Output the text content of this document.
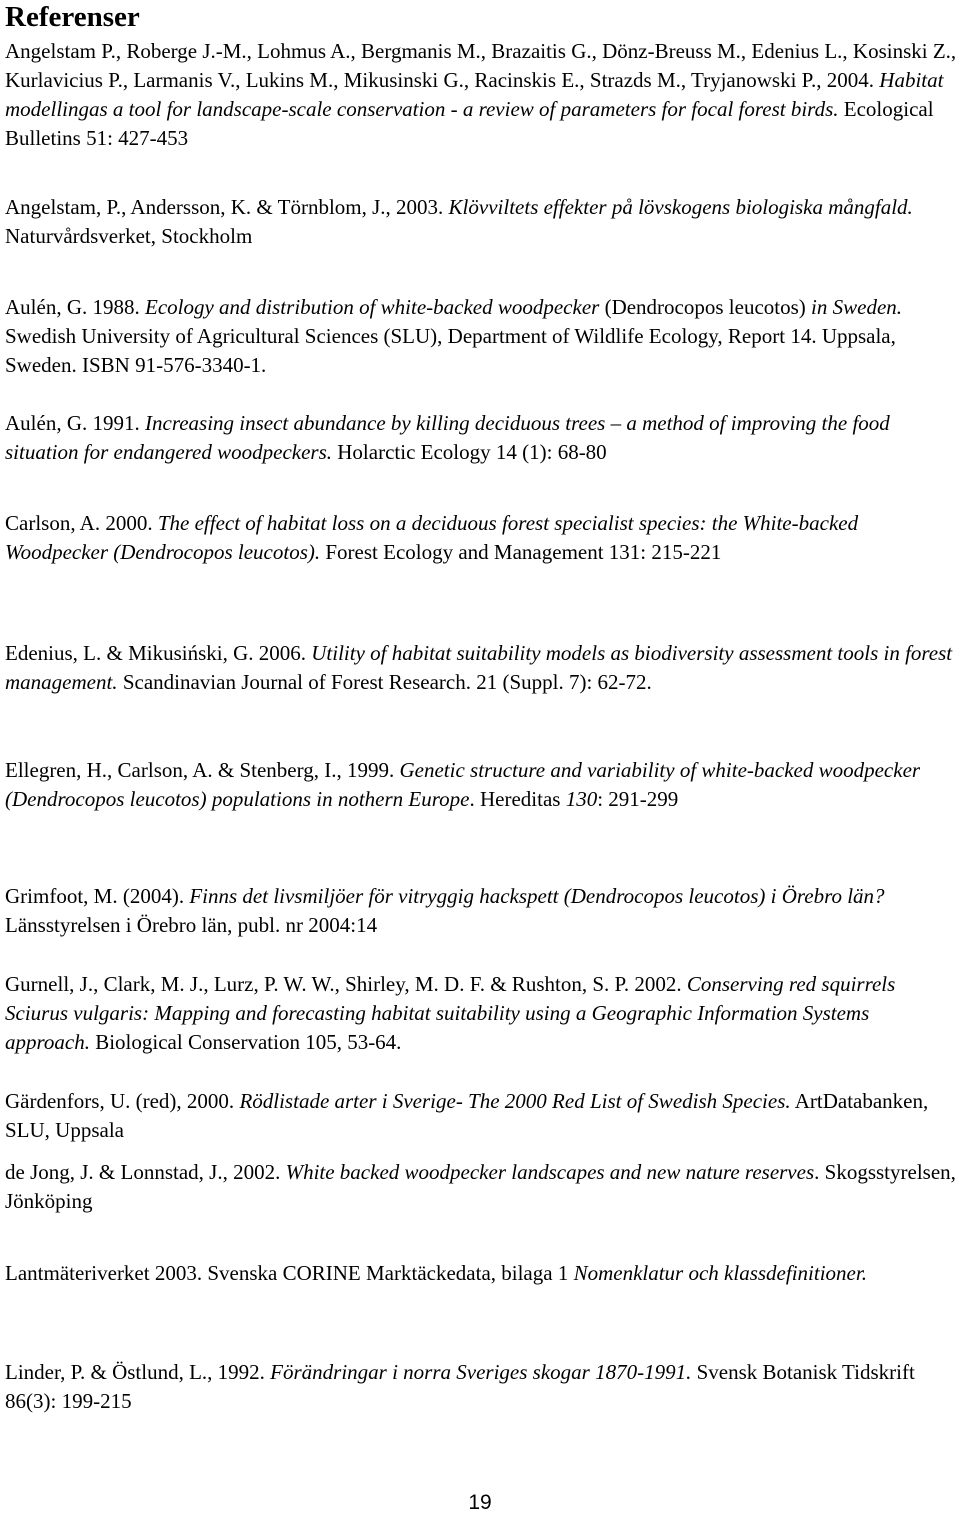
Referenser

Angelstam P., Roberge J.-M., Lohmus A., Bergmanis M., Brazaitis G., Dönz-Breuss M., Edenius L., Kosinski Z., Kurlavicius P., Larmanis V., Lukins M., Mikusinski G., Racinskis E., Strazds M., Tryjanowski P., 2004. Habitat modellingas a tool for landscape-scale conservation - a review of parameters for focal forest birds. Ecological Bulletins 51: 427-453

Angelstam, P., Andersson, K. & Törnblom, J., 2003. Klövviltets effekter på lövskogens biologiska mångfald. Naturvårdsverket, Stockholm

Aulén, G. 1988. Ecology and distribution of white-backed woodpecker (Dendrocopos leucotos) in Sweden. Swedish University of Agricultural Sciences (SLU), Department of Wildlife Ecology, Report 14. Uppsala, Sweden. ISBN 91-576-3340-1.

Aulén, G. 1991. Increasing insect abundance by killing deciduous trees – a method of improving the food situation for endangered woodpeckers. Holarctic Ecology 14 (1): 68-80

Carlson, A. 2000. The effect of habitat loss on a deciduous forest specialist species: the White-backed Woodpecker (Dendrocopos leucotos). Forest Ecology and Management 131: 215-221

Edenius, L. & Mikusiński, G. 2006. Utility of habitat suitability models as biodiversity assessment tools in forest management. Scandinavian Journal of Forest Research. 21 (Suppl. 7): 62-72.

Ellegren, H., Carlson, A. & Stenberg, I., 1999. Genetic structure and variability of white-backed woodpecker (Dendrocopos leucotos) populations in nothern Europe. Hereditas 130: 291-299

Grimfoot, M. (2004). Finns det livsmiljöer för vitryggig hackspett (Dendrocopos leucotos) i Örebro län? Länsstyrelsen i Örebro län, publ. nr 2004:14

Gurnell, J., Clark, M. J., Lurz, P. W. W., Shirley, M. D. F. & Rushton, S. P. 2002. Conserving red squirrels Sciurus vulgaris: Mapping and forecasting habitat suitability using a Geographic Information Systems approach. Biological Conservation 105, 53-64.

Gärdenfors, U. (red), 2000. Rödlistade arter i Sverige- The 2000 Red List of Swedish Species. ArtDatabanken, SLU, Uppsala

de Jong, J. & Lonnstad, J., 2002. White backed woodpecker landscapes and new nature reserves. Skogsstyrelsen, Jönköping

Lantmäteriverket 2003. Svenska CORINE Marktäckedata, bilaga 1 Nomenklatur och klassdefinitioner.

Linder, P. & Östlund, L., 1992. Förändringar i norra Sveriges skogar 1870-1991. Svensk Botanisk Tidskrift 86(3): 199-215

19
